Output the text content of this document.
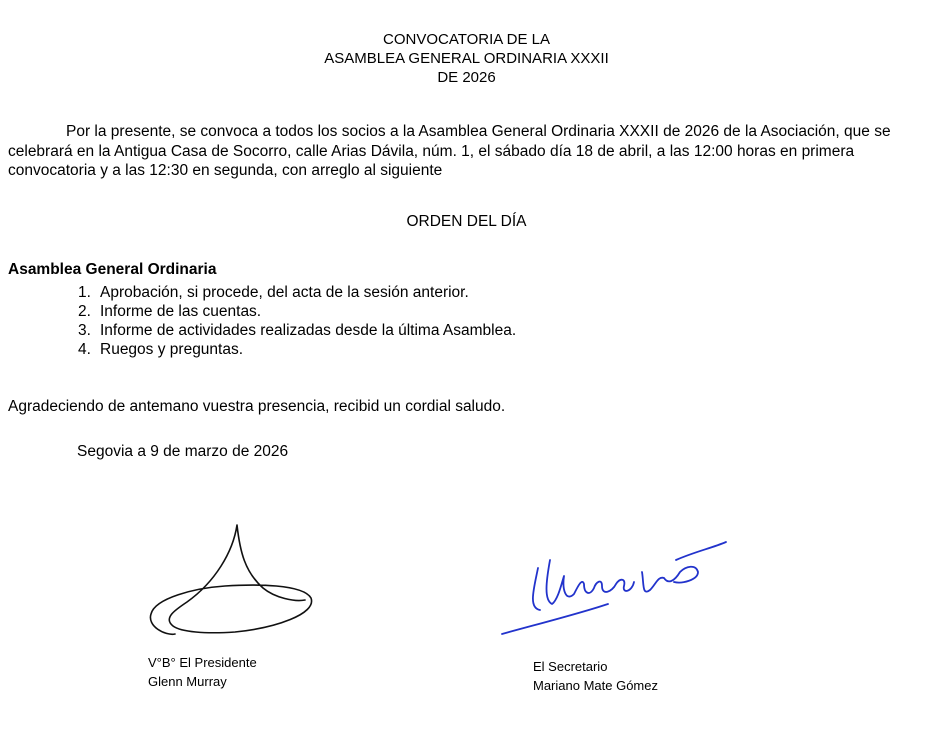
CONVOCATORIA DE LA
ASAMBLEA GENERAL ORDINARIA XXXII
DE 2026

Por la presente, se convoca a todos los socios a la Asamblea General Ordinaria XXXII de 2026 de la Asociación, que se celebrará en la Antigua Casa de Socorro, calle Arias Dávila, núm. 1, el sábado día 18 de abril, a las 12:00 horas en primera convocatoria y a las 12:30 en segunda, con arreglo al siguiente

ORDEN DEL DÍA
Asamblea General Ordinaria
1. Aprobación, si procede, del acta de la sesión anterior.
2. Informe de las cuentas.
3. Informe de actividades realizadas desde la última Asamblea.
4. Ruegos y preguntas.
Agradeciendo de antemano vuestra presencia, recibid un cordial saludo.
Segovia a 9 de marzo de 2026
V°B° El Presidente
Glenn Murray
El Secretario
Mariano Mate Gómez
